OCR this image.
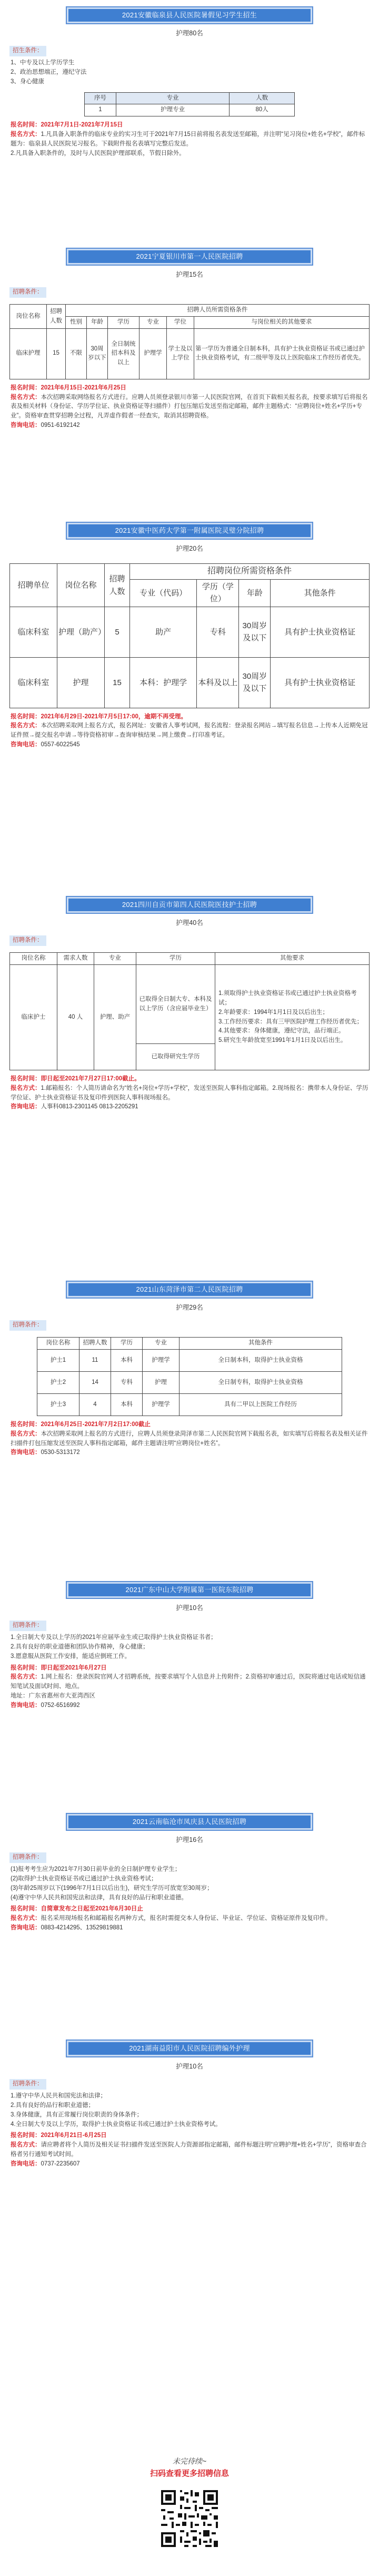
2021安徽临泉县人民医院暑假见习学生招生
护理80名
招生条件：
1、中专及以上学历学生
2、政治思想端正，遵纪守法
3、身心健康
序号	专业	人数
1	护理专业	80人
报名时间：2021年7月1日-2021年7月15日
报名方式：1.凡具备入职条件的临床专业的实习生可于2021年7月15日前将报名表发送至邮箱，并注明“见习岗位+姓名+学校”，邮件标题为：临泉县人民医院见习报名。下载附件报名表填写完整后发送。
2.凡具备入职条件的，及时与人民医院护理部联系，节假日除外。
2021宁夏银川市第一人民医院招聘
护理15名
招聘条件：
岗位名称	招聘人数	招聘人员所需资格条件					
		性别	年龄	学历	专业	学位	与岗位相关的其他要求
临床护理	15	不限	30周岁以下	全日制统招本科及以上	护理学	学士及以上学位	第一学历为普通全日制本科，具有护士执业资格证书或已通过护士执业资格考试，有二级甲等及以上医院临床工作经历者优先。
报名时间：2021年6月15日-2021年6月25日
报名方式：本次招聘采取网络报名方式进行。应聘人员须登录银川市第一人民医院官网，在首页下载相关报名表，按要求填写后将报名表及相关材料（身份证、学历学位证、执业资格证等扫描件）打包压缩后发送至指定邮箱，邮件主题格式：“应聘岗位+姓名+学历+专业”。资格审查贯穿招聘全过程，凡弄虚作假者一经查实，取消其招聘资格。
咨询电话：0951-6192142
2021安徽中医药大学第一附属医院灵璧分院招聘
护理20名
招聘单位	岗位名称	招聘人数	招聘岗位所需资格条件			
			专业（代码）	学历（学位）	年龄	其他条件
临床科室	护理（助产）	5	助产	专科	30周岁及以下	具有护士执业资格证
临床科室	护理	15	本科：护理学	本科及以上	30周岁及以下	具有护士执业资格证
报名时间：2021年6月29日-2021年7月5日17:00，逾期不再受理。
报名方式：本次招聘采取网上报名方式，报名网址：安徽省人事考试网，报名流程：登录报名网站→填写报名信息→上传本人近期免冠证件照→提交报名申请→等待资格初审→查询审核结果→网上缴费→打印准考证。
咨询电话：0557-6022545
2021四川自贡市第四人民医院医技护士招聘
护理40名
招聘条件：
岗位名称	需求人数	专业	学历	其他要求
临床护士	40 人	护理、助产	已取得全日制大专、本科及以上学历（含应届毕业生）	1.须取得护士执业资格证书或已通过护士执业资格考试；
2.年龄要求：1994年1月1日及以后出生；
3.工作经历要求：具有三甲医院护理工作经历者优先；
4.其他要求：身体健康，遵纪守法，品行端正。
5.研究生年龄放宽至1991年1月1日及以后出生。

			已取得研究生学历	
报名时间：即日起至2021年7月27日17:00截止。
报名方式：1.邮箱报名：个人简历请命名为“姓名+岗位+学历+学校”，发送至医院人事科指定邮箱。2.现场报名：携带本人身份证、学历学位证、护士执业资格证书及复印件到医院人事科现场报名。
咨询电话：人事科0813-2301145 0813-2205291
2021山东菏泽市第二人民医院招聘
护理29名
招聘条件：
岗位名称	招聘人数	学历	专业	其他条件
护士1	11	本科	护理学	全日制本科，取得护士执业资格
护士2	14	专科	护理	全日制专科，取得护士执业资格
护士3	4	本科	护理学	具有二甲以上医院工作经历
报名时间：2021年6月25日-2021年7月2日17:00截止
报名方式：本次招聘采取网上报名的方式进行，应聘人员须登录菏泽市第二人民医院官网下载报名表，如实填写后将报名表及相关证件扫描件打包压缩发送至医院人事科指定邮箱，邮件主题请注明“应聘岗位+姓名”。
咨询电话：0530-5313172
2021广东中山大学附属第一医院东院招聘
护理10名
招聘条件：
1.全日制大专及以上学历的2021年应届毕业生或已取得护士执业资格证书者；
2.具有良好的职业道德和团队协作精神，身心健康；
3.愿意服从医院工作安排，能适应倒班工作。
报名时间：即日起至2021年6月27日
报名方式：1.网上报名：登录医院官网人才招聘系统，按要求填写个人信息并上传附件；2.资格初审通过后，医院将通过电话或短信通知笔试及面试时间、地点。
地址：广东省惠州市大亚湾西区
咨询电话：0752-6516992
2021云南临沧市凤庆县人民医院招聘
护理16名
招聘条件：
(1)报考考生应为2021年7月30日前毕业的全日制护理专业学生；
(2)取得护士执业资格证书或已通过护士执业资格考试；
(3)年龄25周岁以下(1996年7月1日以后出生)，研究生学历可放宽至30周岁；
(4)遵守中华人民共和国宪法和法律，具有良好的品行和职业道德。
报名时间：自简章发布之日起至2021年6月30日止
报名方式：报名采用现场报名和邮箱报名两种方式，报名时需提交本人身份证、毕业证、学位证、资格证原件及复印件。
咨询电话：0883-4214295、13529819881
2021湖南益阳市人民医院招聘编外护理
护理10名
招聘条件：
1.遵守中华人民共和国宪法和法律；
2.具有良好的品行和职业道德；
3.身体健康，具有正常履行岗位职责的身体条件；
4.全日制大专及以上学历，取得护士执业资格证书或已通过护士执业资格考试。
报名时间：2021年6月21日-6月25日
报名方式：请应聘者将个人简历及相关证书扫描件发送至医院人力资源部指定邮箱，邮件标题注明“应聘护理+姓名+学历”，资格审查合格者另行通知考试时间。
咨询电话：0737-2235607
未完待续~
扫码查看更多招聘信息
